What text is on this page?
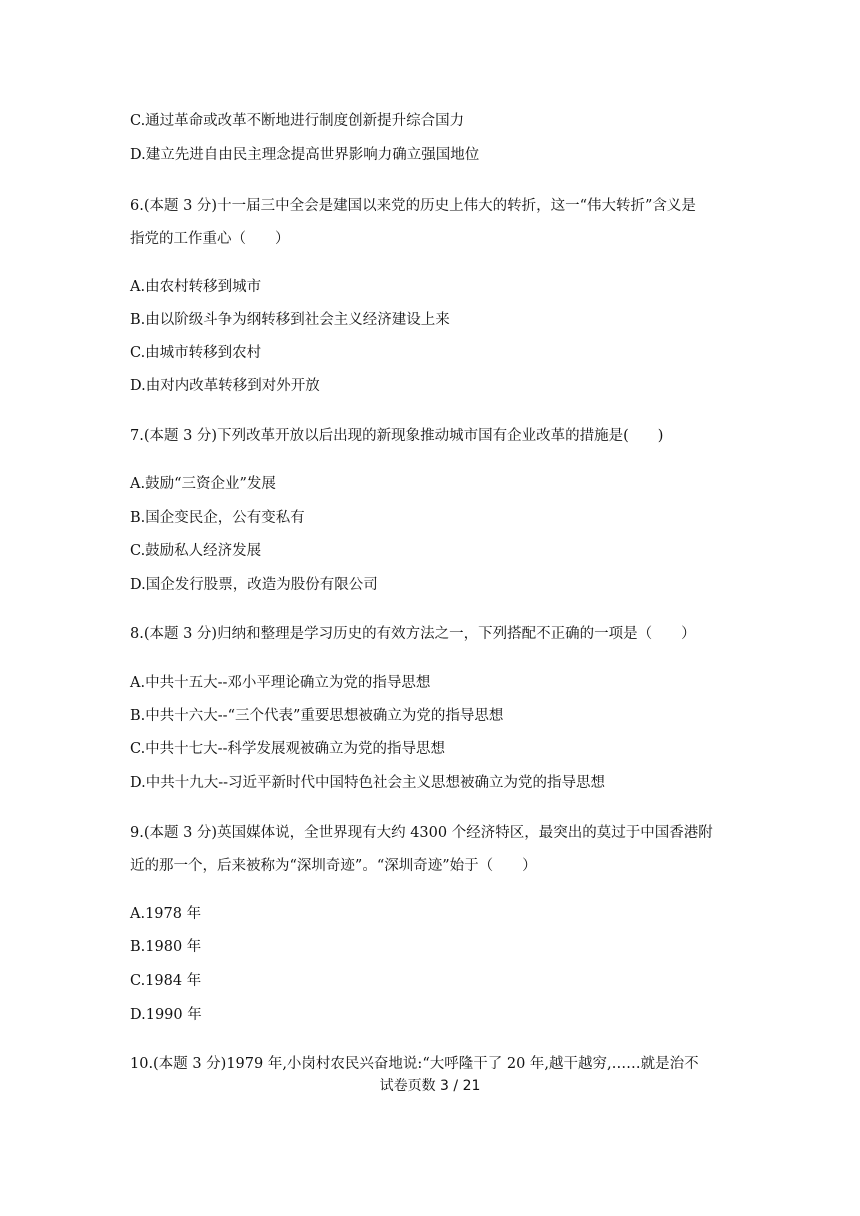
C.通过革命或改革不断地进行制度创新提升综合国力
D.建立先进自由民主理念提高世界影响力确立强国地位
6.(本题 3 分)十一届三中全会是建国以来党的历史上伟大的转折，这一“伟大转折”含义是
指党的工作重心（　　）
A.由农村转移到城市
B.由以阶级斗争为纲转移到社会主义经济建设上来
C.由城市转移到农村
D.由对内改革转移到对外开放
7.(本题 3 分)下列改革开放以后出现的新现象推动城市国有企业改革的措施是(　　)
A.鼓励“三资企业”发展
B.国企变民企，公有变私有
C.鼓励私人经济发展
D.国企发行股票，改造为股份有限公司
8.(本题 3 分)归纳和整理是学习历史的有效方法之一，下列搭配不正确的一项是（　　）
A.中共十五大--邓小平理论确立为党的指导思想
B.中共十六大--“三个代表”重要思想被确立为党的指导思想
C.中共十七大--科学发展观被确立为党的指导思想
D.中共十九大--习近平新时代中国特色社会主义思想被确立为党的指导思想
9.(本题 3 分)英国媒体说，全世界现有大约 4300 个经济特区，最突出的莫过于中国香港附
近的那一个，后来被称为“深圳奇迹”。“深圳奇迹”始于（　　）
A.1978 年
B.1980 年
C.1984 年
D.1990 年
10.(本题 3 分)1979 年,小岗村农民兴奋地说:“大呼隆干了 20 年,越干越穷,……就是治不
试卷页数 3 / 21
